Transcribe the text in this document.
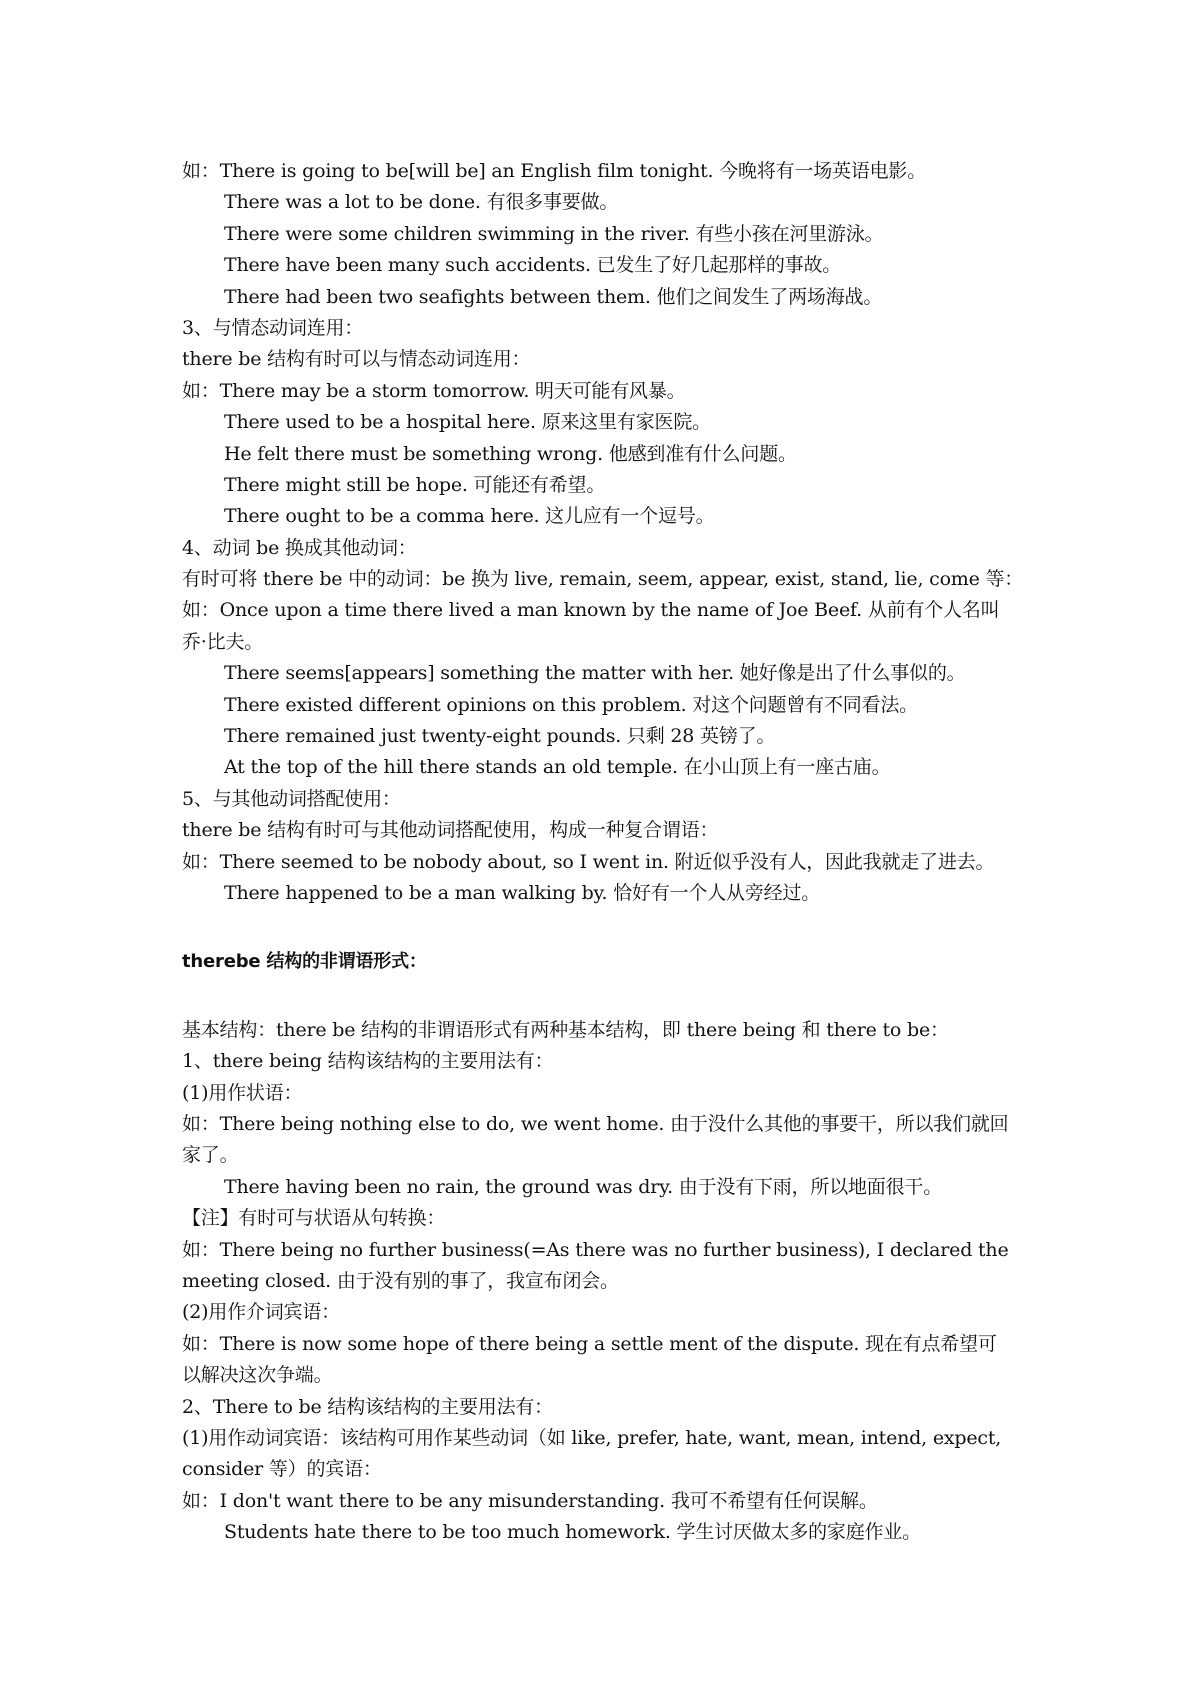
如：There is going to be[will be] an English film tonight. 今晚将有一场英语电影。
There was a lot to be done. 有很多事要做。
There were some children swimming in the river. 有些小孩在河里游泳。
There have been many such accidents. 已发生了好几起那样的事故。
There had been two seafights between them. 他们之间发生了两场海战。
3、与情态动词连用：
there be 结构有时可以与情态动词连用：
如：There may be a storm tomorrow. 明天可能有风暴。
There used to be a hospital here. 原来这里有家医院。
He felt there must be something wrong. 他感到准有什么问题。
There might still be hope. 可能还有希望。
There ought to be a comma here. 这儿应有一个逗号。
4、动词 be 换成其他动词：
有时可将 there be 中的动词：be 换为 live, remain, seem, appear, exist, stand, lie, come 等：
如：Once upon a time there lived a man known by the name of Joe Beef. 从前有个人名叫乔·比夫。
There seems[appears] something the matter with her. 她好像是出了什么事似的。
There existed different opinions on this problem. 对这个问题曾有不同看法。
There remained just twenty-eight pounds. 只剩 28 英镑了。
At the top of the hill there stands an old temple. 在小山顶上有一座古庙。
5、与其他动词搭配使用：
there be 结构有时可与其他动词搭配使用，构成一种复合谓语：
如：There seemed to be nobody about, so I went in. 附近似乎没有人，因此我就走了进去。
There happened to be a man walking by. 恰好有一个人从旁经过。
therebe 结构的非谓语形式：
基本结构：there be 结构的非谓语形式有两种基本结构，即 there being 和 there to be：
1、there being 结构该结构的主要用法有：
(1)用作状语：
如：There being nothing else to do, we went home. 由于没什么其他的事要干，所以我们就回家了。
There having been no rain, the ground was dry. 由于没有下雨，所以地面很干。
【注】有时可与状语从句转换：
如：There being no further business(=As there was no further business), I declared the meeting closed. 由于没有别的事了，我宣布闭会。
(2)用作介词宾语：
如：There is now some hope of there being a settle ment of the dispute. 现在有点希望可以解决这次争端。
2、There to be 结构该结构的主要用法有：
(1)用作动词宾语：该结构可用作某些动词（如 like, prefer, hate, want, mean, intend, expect, consider 等）的宾语：
如：I don't want there to be any misunderstanding. 我可不希望有任何误解。
Students hate there to be too much homework. 学生讨厌做太多的家庭作业。
